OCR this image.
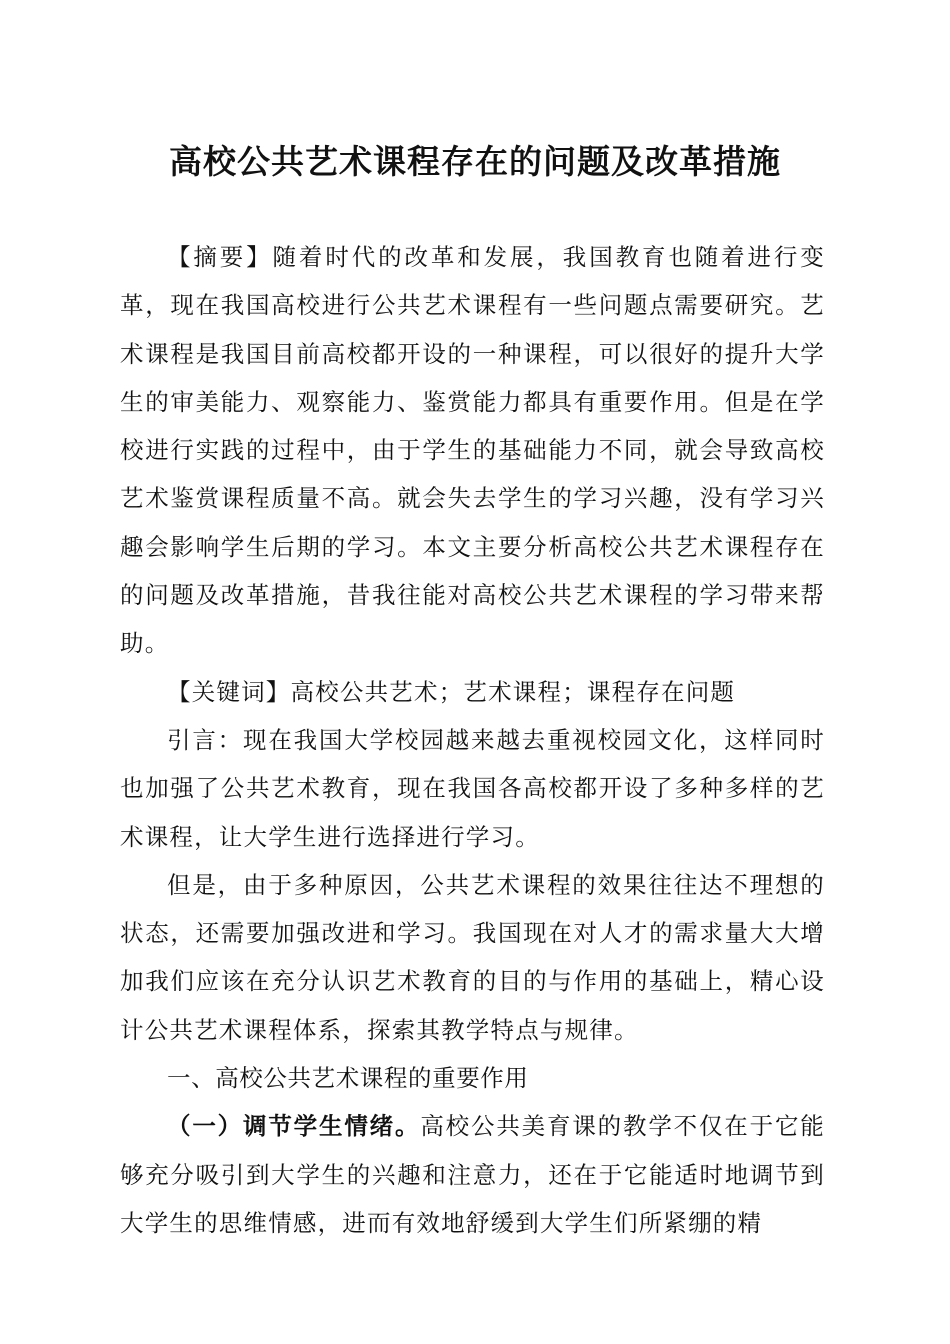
高校公共艺术课程存在的问题及改革措施

【摘要】随着时代的改革和发展，我国教育也随着进行变革，现在我国高校进行公共艺术课程有一些问题点需要研究。艺术课程是我国目前高校都开设的一种课程，可以很好的提升大学生的审美能力、观察能力、鉴赏能力都具有重要作用。但是在学校进行实践的过程中，由于学生的基础能力不同，就会导致高校艺术鉴赏课程质量不高。就会失去学生的学习兴趣，没有学习兴趣会影响学生后期的学习。本文主要分析高校公共艺术课程存在的问题及改革措施，昔我往能对高校公共艺术课程的学习带来帮助。

【关键词】高校公共艺术；艺术课程；课程存在问题

引言：现在我国大学校园越来越去重视校园文化，这样同时也加强了公共艺术教育，现在我国各高校都开设了多种多样的艺术课程，让大学生进行选择进行学习。

但是，由于多种原因，公共艺术课程的效果往往达不理想的状态，还需要加强改进和学习。我国现在对人才的需求量大大增加我们应该在充分认识艺术教育的目的与作用的基础上，精心设计公共艺术课程体系，探索其教学特点与规律。

一、高校公共艺术课程的重要作用

（一）调节学生情绪。高校公共美育课的教学不仅在于它能够充分吸引到大学生的兴趣和注意力，还在于它能适时地调节到大学生的思维情感，进而有效地舒缓到大学生们所紧绷的精
